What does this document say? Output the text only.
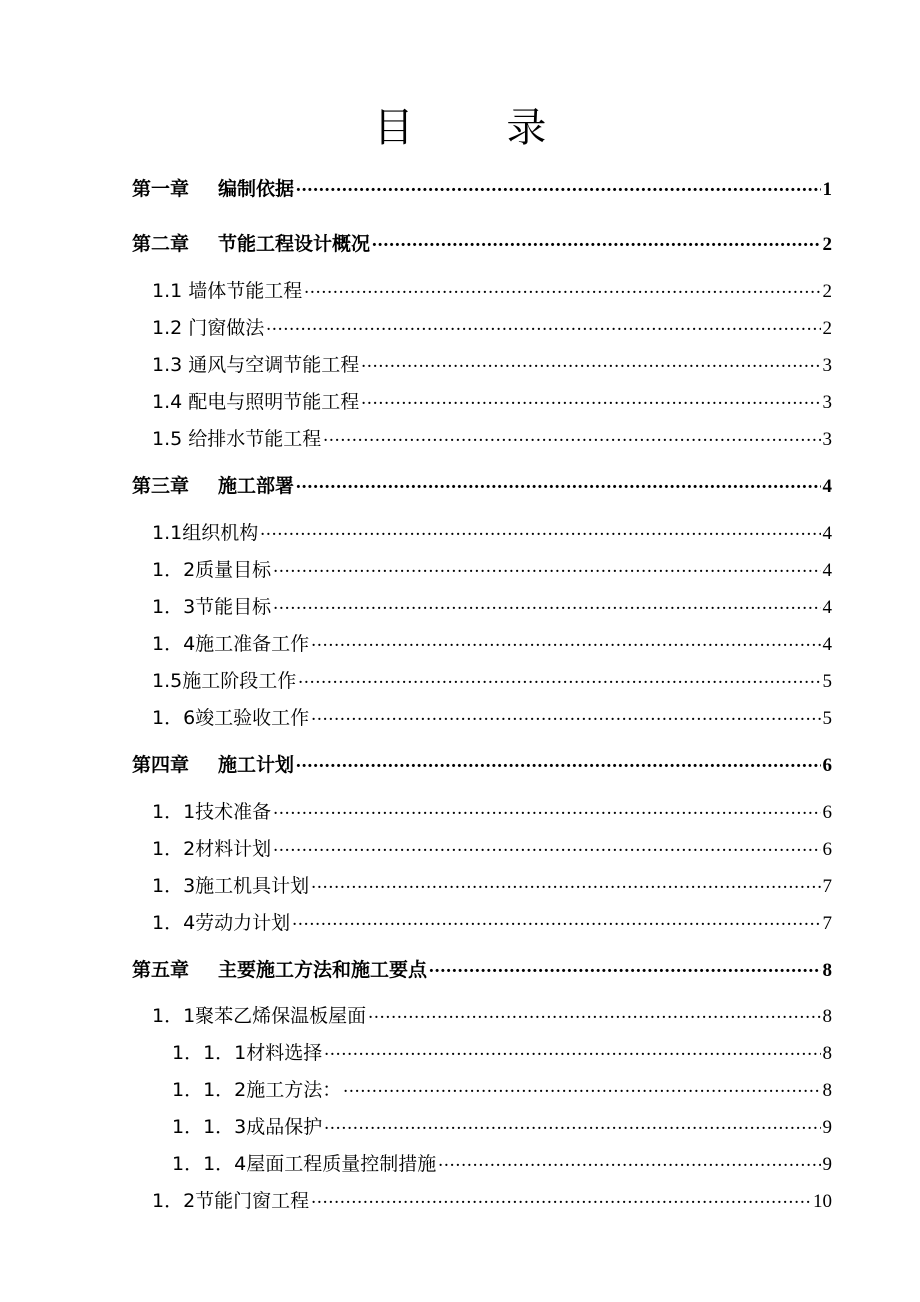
目 录
第一章 编制依据 .....	1
第二章 节能工程设计概况 .....	2
1.1 墙体节能工程 .....	2
1.2 门窗做法 .....	2
1.3 通风与空调节能工程 .....	3
1.4 配电与照明节能工程 .....	3
1.5 给排水节能工程 .....	3
第三章 施工部署 .....	4
1.1组织机构 .....	4
1．2质量目标 .....	4
1．3节能目标 .....	4
1．4施工准备工作 .....	4
1.5施工阶段工作 .....	5
1．6竣工验收工作 .....	5
第四章 施工计划 .....	6
1．1技术准备 .....	6
1．2材料计划 .....	6
1．3施工机具计划 .....	7
1．4劳动力计划 .....	7
第五章 主要施工方法和施工要点 .....	8
1．1聚苯乙烯保温板屋面 .....	8
1．1．1材料选择 .....	8
1．1．2施工方法： .....	8
1．1．3成品保护 .....	9
1．1．4屋面工程质量控制措施 .....	9
1．2节能门窗工程 .....	10
